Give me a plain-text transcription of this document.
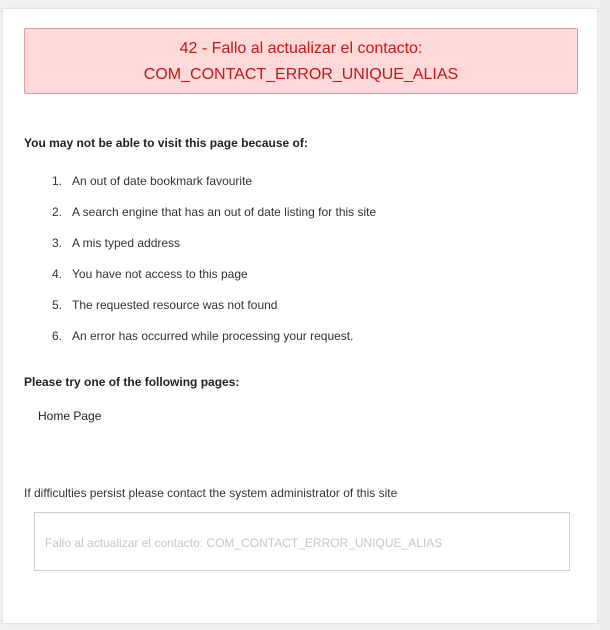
42 - Fallo al actualizar el contacto:
COM_CONTACT_ERROR_UNIQUE_ALIAS
You may not be able to visit this page because of:
1. An out of date bookmark favourite
2. A search engine that has an out of date listing for this site
3. A mis typed address
4. You have not access to this page
5. The requested resource was not found
6. An error has occurred while processing your request.
Please try one of the following pages:
Home Page
If difficulties persist please contact the system administrator of this site
Fallo al actualizar el contacto: COM_CONTACT_ERROR_UNIQUE_ALIAS
